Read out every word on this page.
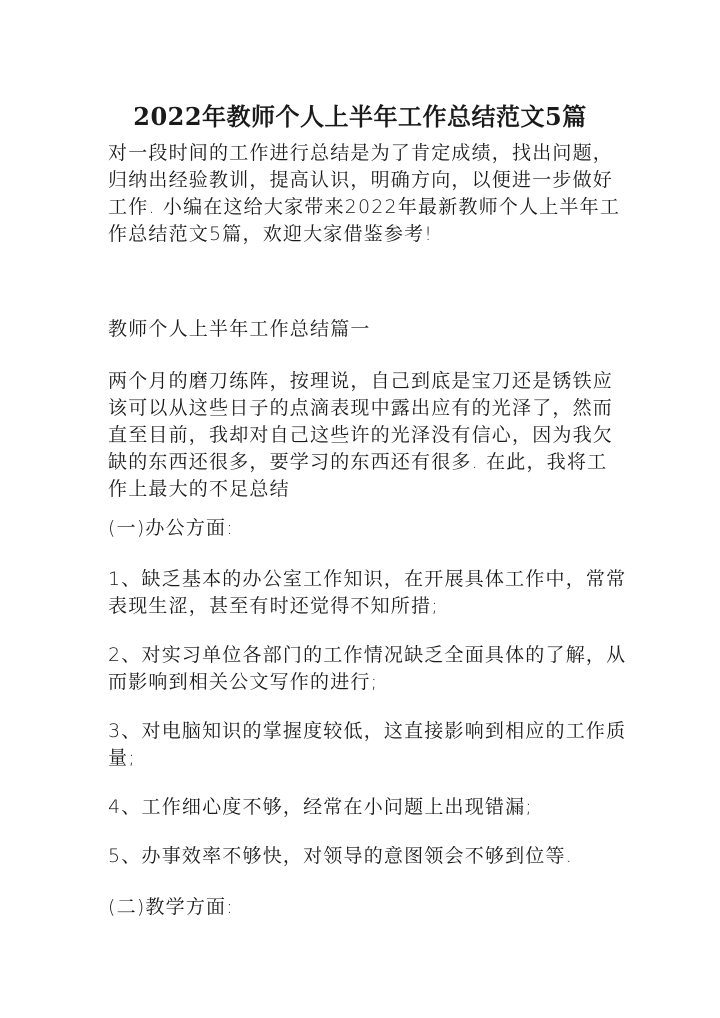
2022年教师个人上半年工作总结范文5篇

对一段时间的工作进行总结是为了肯定成绩，找出问题，
归纳出经验教训，提高认识，明确方向，以便进一步做好
工作. 小编在这给大家带来2022年最新教师个人上半年工
作总结范文5篇，欢迎大家借鉴参考!

教师个人上半年工作总结篇一

两个月的磨刀练阵，按理说，自己到底是宝刀还是锈铁应
该可以从这些日子的点滴表现中露出应有的光泽了，然而
直至目前，我却对自己这些许的光泽没有信心，因为我欠
缺的东西还很多，要学习的东西还有很多. 在此，我将工
作上最大的不足总结

(一)办公方面:

1、缺乏基本的办公室工作知识，在开展具体工作中，常常
表现生涩，甚至有时还觉得不知所措;

2、对实习单位各部门的工作情况缺乏全面具体的了解，从
而影响到相关公文写作的进行;

3、对电脑知识的掌握度较低，这直接影响到相应的工作质
量;

4、工作细心度不够，经常在小问题上出现错漏;

5、办事效率不够快，对领导的意图领会不够到位等.

(二)教学方面:
